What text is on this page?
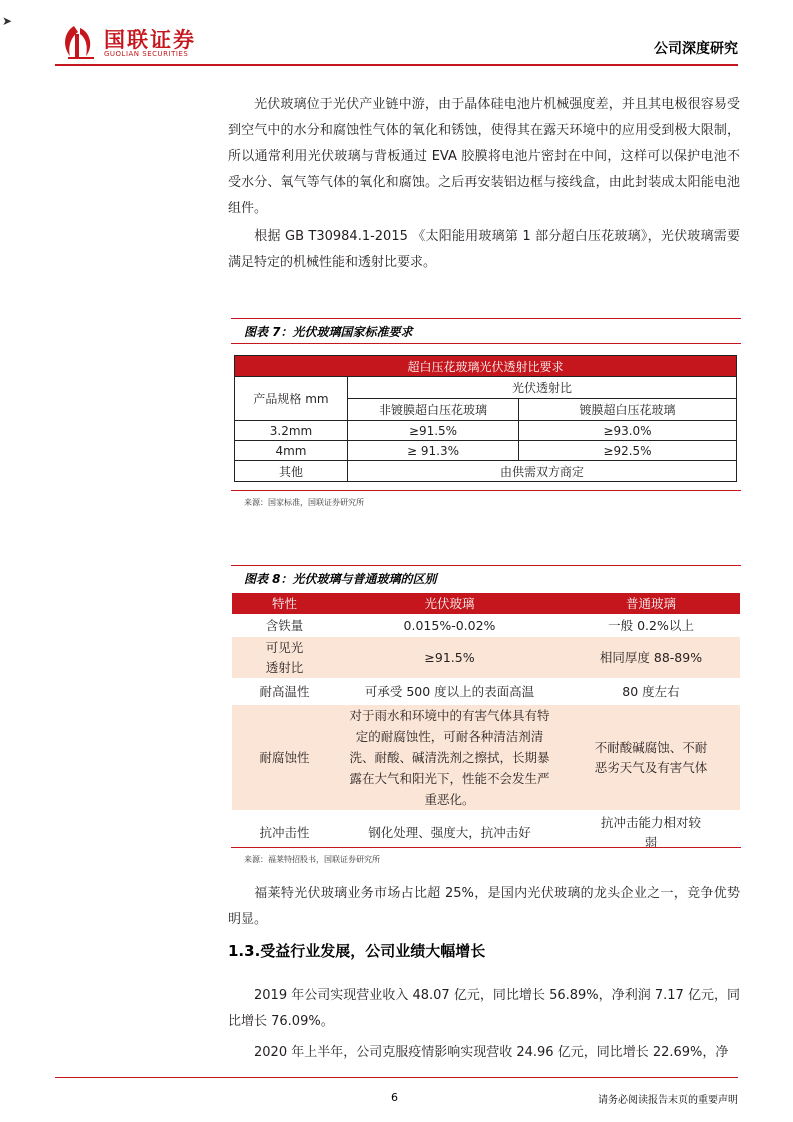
➤
国联证券
GUOLIAN SECURITIES	公司深度研究
光伏玻璃位于光伏产业链中游，由于晶体硅电池片机械强度差，并且其电极很容易受到空气中的水分和腐蚀性气体的氧化和锈蚀，使得其在露天环境中的应用受到极大限制，所以通常利用光伏玻璃与背板通过 EVA 胶膜将电池片密封在中间，这样可以保护电池不受水分、氧气等气体的氧化和腐蚀。之后再安装铝边框与接线盒，由此封装成太阳能电池组件。
根据 GB T30984.1-2015 《太阳能用玻璃第 1 部分超白压花玻璃》，光伏玻璃需要满足特定的机械性能和透射比要求。
图表 7：光伏玻璃国家标准要求
超白压花玻璃光伏透射比要求		
产品规格 mm	光伏透射比	
	非镀膜超白压花玻璃	镀膜超白压花玻璃
3.2mm	≥91.5%	≥93.0%
4mm	≥ 91.3%	≥92.5%
其他	由供需双方商定	
来源：国家标准，国联证券研究所
图表 8：光伏玻璃与普通玻璃的区别
特性	光伏玻璃	普通玻璃
含铁量	0.015%-0.02%	一般 0.2%以上
可见光透射比	≥91.5%	相同厚度 88-89%
耐高温性	可承受 500 度以上的表面高温	80 度左右
耐腐蚀性	对于雨水和环境中的有害气体具有特定的耐腐蚀性，可耐各种清洁剂清洗、耐酸、碱清洗剂之擦拭，长期暴露在大气和阳光下，性能不会发生严重恶化。	不耐酸碱腐蚀、不耐恶劣天气及有害气体
抗冲击性	钢化处理、强度大，抗冲击好	抗冲击能力相对较弱
来源：福莱特招股书，国联证券研究所
福莱特光伏玻璃业务市场占比超 25%，是国内光伏玻璃的龙头企业之一，竞争优势明显。
1.3.受益行业发展，公司业绩大幅增长
2019 年公司实现营业收入 48.07 亿元，同比增长 56.89%，净利润 7.17 亿元，同比增长 76.09%。
2020 年上半年，公司克服疫情影响实现营收 24.96 亿元，同比增长 22.69%，净
6	请务必阅读报告末页的重要声明
